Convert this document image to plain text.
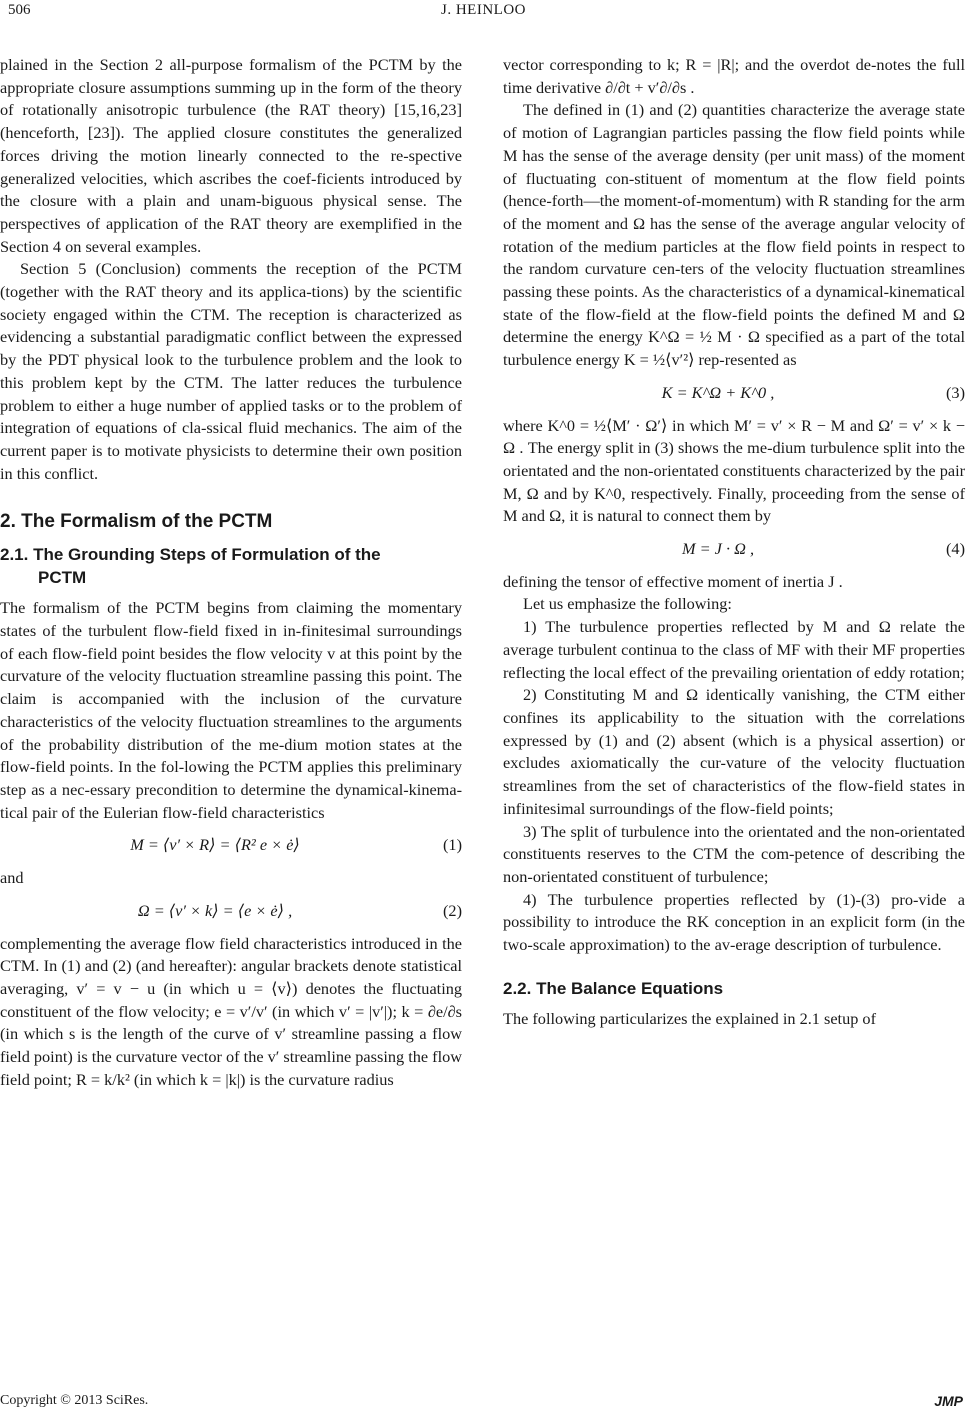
506	J. HEINLOO

plained in the Section 2 all-purpose formalism of the PCTM by the appropriate closure assumptions summing up in the form of the theory of rotationally anisotropic turbulence (the RAT theory) [15,16,23] (henceforth, [23]). The applied closure constitutes the generalized forces driving the motion linearly connected to the re-spective generalized velocities, which ascribes the coef-ficients introduced by the closure with a plain and unam-biguous physical sense. The perspectives of application of the RAT theory are exemplified in the Section 4 on several examples.

Section 5 (Conclusion) comments the reception of the PCTM (together with the RAT theory and its applica-tions) by the scientific society engaged within the CTM. The reception is characterized as evidencing a substantial paradigmatic conflict between the expressed by the PDT physical look to the turbulence problem and the look to this problem kept by the CTM. The latter reduces the turbulence problem to either a huge number of applied tasks or to the problem of integration of equations of cla-ssical fluid mechanics. The aim of the current paper is to motivate physicists to determine their own position in this conflict.

2. The Formalism of the PCTM
2.1. The Grounding Steps of Formulation of the
PCTM

The formalism of the PCTM begins from claiming the momentary states of the turbulent flow-field fixed in in-finitesimal surroundings of each flow-field point besides the flow velocity v at this point by the curvature of the velocity fluctuation streamline passing this point. The claim is accompanied with the inclusion of the curvature characteristics of the velocity fluctuation streamlines to the arguments of the probability distribution of the me-dium motion states at the flow-field points. In the fol-lowing the PCTM applies this preliminary step as a nec-essary precondition to determine the dynamical-kinema-tical pair of the Eulerian flow-field characteristics

M = ⟨v′ × R⟩ = ⟨R² e × ė⟩	(1)

and

Ω = ⟨v′ × k⟩ = ⟨e × ė⟩ ,	(2)

complementing the average flow field characteristics introduced in the CTM. In (1) and (2) (and hereafter): angular brackets denote statistical averaging, v′ = v − u (in which u = ⟨v⟩) denotes the fluctuating constituent of the flow velocity; e = v′/v′ (in which v′ = |v′|); k = ∂e/∂s (in which s is the length of the curve of v′ streamline passing a flow field point) is the curvature vector of the v′ streamline passing the flow field point; R = k/k² (in which k = |k|) is the curvature radius

vector corresponding to k; R = |R|; and the overdot de-notes the full time derivative ∂/∂t + v′∂/∂s .

The defined in (1) and (2) quantities characterize the average state of motion of Lagrangian particles passing the flow field points while M has the sense of the average density (per unit mass) of the moment of fluctuating con-stituent of momentum at the flow field points (hence-forth—the moment-of-momentum) with R standing for the arm of the moment and Ω has the sense of the average angular velocity of rotation of the medium particles at the flow field points in respect to the random curvature cen-ters of the velocity fluctuation streamlines passing these points. As the characteristics of a dynamical-kinematical state of the flow-field at the flow-field points the defined M and Ω determine the energy K^Ω = ½ M · Ω specified as a part of the total turbulence energy K = ½⟨v′²⟩ rep-resented as

K = K^Ω + K^0 ,	(3)

where K^0 = ½⟨M′ · Ω′⟩ in which M′ = v′ × R − M and Ω′ = v′ × k − Ω . The energy split in (3) shows the me-dium turbulence split into the orientated and the non-orientated constituents characterized by the pair M, Ω and by K^0, respectively. Finally, proceeding from the sense of M and Ω, it is natural to connect them by

M = J · Ω ,	(4)

defining the tensor of effective moment of inertia J .

Let us emphasize the following:

1) The turbulence properties reflected by M and Ω relate the average turbulent continua to the class of MF with their MF properties reflecting the local effect of the prevailing orientation of eddy rotation;

2) Constituting M and Ω identically vanishing, the CTM either confines its applicability to the situation with the correlations expressed by (1) and (2) absent (which is a physical assertion) or excludes axiomatically the cur-vature of the velocity fluctuation streamlines from the set of characteristics of the flow-field states in infinitesimal surroundings of the flow-field points;

3) The split of turbulence into the orientated and the non-orientated constituents reserves to the CTM the com-petence of describing the non-orientated constituent of turbulence;

4) The turbulence properties reflected by (1)-(3) pro-vide a possibility to introduce the RK conception in an explicit form (in the two-scale approximation) to the av-erage description of turbulence.

2.2. The Balance Equations

The following particularizes the explained in 2.1 setup of

Copyright © 2013 SciRes.	JMP
